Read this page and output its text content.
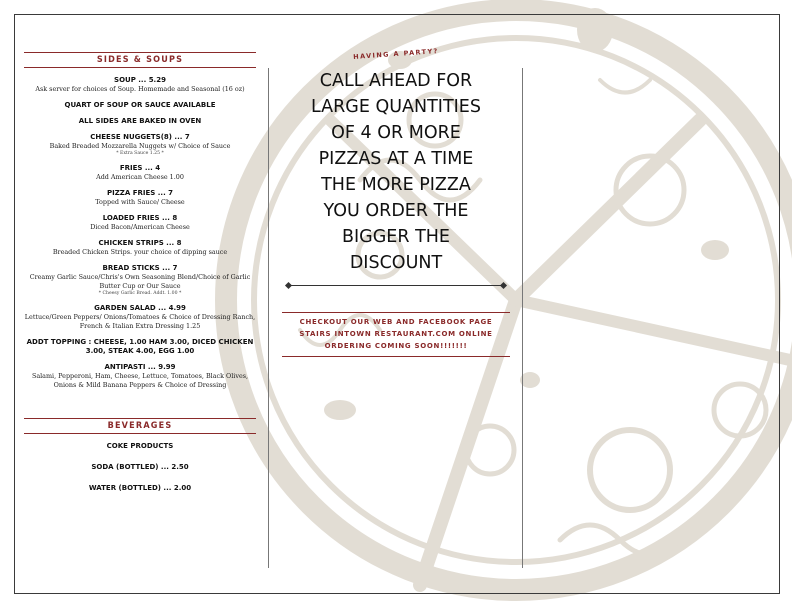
SIDES & SOUPS
SOUP ... 5.29
Ask server for choices of Soup. Homemade and Seasonal (16 oz)
QUART OF SOUP OR SAUCE AVAILABLE
ALL SIDES ARE BAKED IN OVEN
CHEESE NUGGETS(8) ... 7
Baked Breaded Mozzarella Nuggets w/ Choice of Sauce
* Extra Sauce 1.25 *
FRIES ... 4
Add American Cheese 1.00
PIZZA FRIES ... 7
Topped with Sauce/ Cheese
LOADED FRIES ... 8
Diced Bacon/American Cheese
CHICKEN STRIPS ... 8
Breaded Chicken Strips. your choice of dipping sauce
BREAD STICKS ... 7
Creamy Garlic Sauce/Chris's Own Seasoning Blend/Choice of Garlic Butter Cup or Our Sauce
* Cheesy Garlic Bread. Addt. 1.00 *
GARDEN SALAD ... 4.99
Lettuce/Green Peppers/ Onions/Tomatoes & Choice of Dressing Ranch, French & Italian Extra Dressing 1.25
ADDT TOPPING : CHEESE, 1.00 HAM 3.00, DICED CHICKEN 3.00, STEAK 4.00, EGG 1.00
ANTIPASTI ... 9.99
Salami, Pepperoni, Ham, Cheese, Lettuce, Tomatoes, Black Olives, Onions & Mild Banana Peppers & Choice of Dressing
BEVERAGES
COKE PRODUCTS
SODA (BOTTLED) ... 2.50
WATER (BOTTLED) ... 2.00
HAVING A PARTY?
CALL AHEAD FOR
LARGE QUANTITIES
OF 4 OR MORE
PIZZAS AT A TIME
THE MORE PIZZA
YOU ORDER THE
BIGGER THE
DISCOUNT
CHECKOUT OUR WEB AND FACEBOOK PAGE
STAIRS INTOWN RESTAURANT.COM ONLINE
ORDERING COMING SOON!!!!!!!
